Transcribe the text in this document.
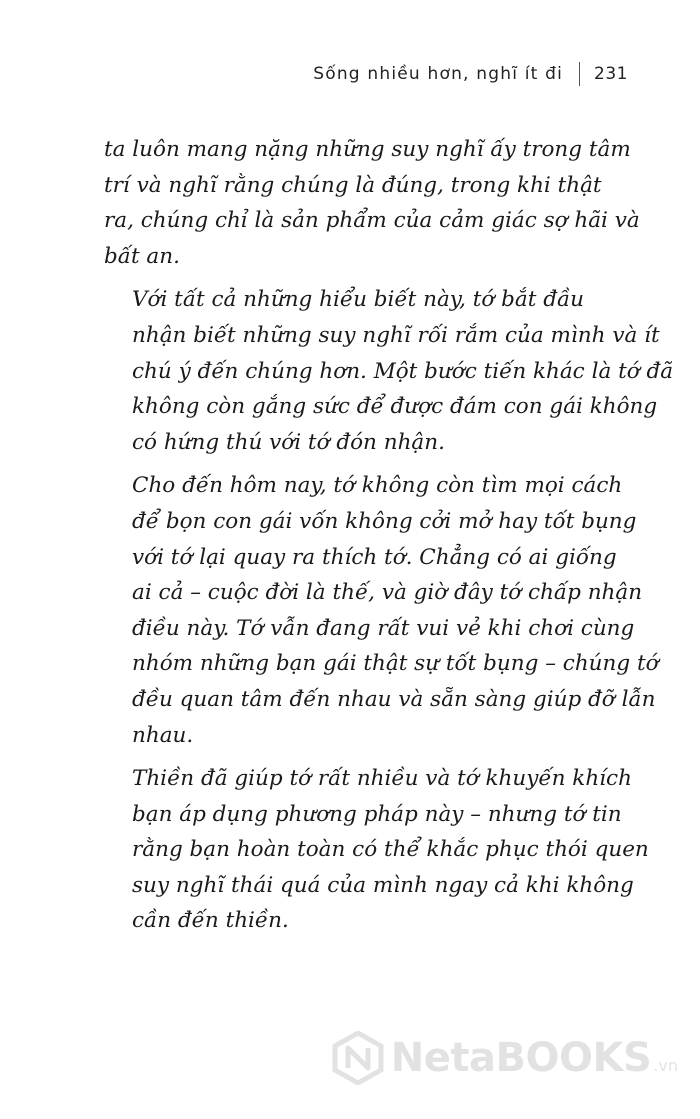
Sống nhiều hơn, nghĩ ít đi 231

ta luôn mang nặng những suy nghĩ ấy trong tâm
trí và nghĩ rằng chúng là đúng, trong khi thật
ra, chúng chỉ là sản phẩm của cảm giác sợ hãi và
bất an.

Với tất cả những hiểu biết này, tớ bắt đầu
nhận biết những suy nghĩ rối rắm của mình và ít
chú ý đến chúng hơn. Một bước tiến khác là tớ đã
không còn gắng sức để được đám con gái không
có hứng thú với tớ đón nhận.

Cho đến hôm nay, tớ không còn tìm mọi cách
để bọn con gái vốn không cởi mở hay tốt bụng
với tớ lại quay ra thích tớ. Chẳng có ai giống
ai cả – cuộc đời là thế, và giờ đây tớ chấp nhận
điều này. Tớ vẫn đang rất vui vẻ khi chơi cùng
nhóm những bạn gái thật sự tốt bụng – chúng tớ
đều quan tâm đến nhau và sẵn sàng giúp đỡ lẫn
nhau.

Thiền đã giúp tớ rất nhiều và tớ khuyến khích
bạn áp dụng phương pháp này – nhưng tớ tin
rằng bạn hoàn toàn có thể khắc phục thói quen
suy nghĩ thái quá của mình ngay cả khi không
cần đến thiền.

NetaBOOKS .vn
